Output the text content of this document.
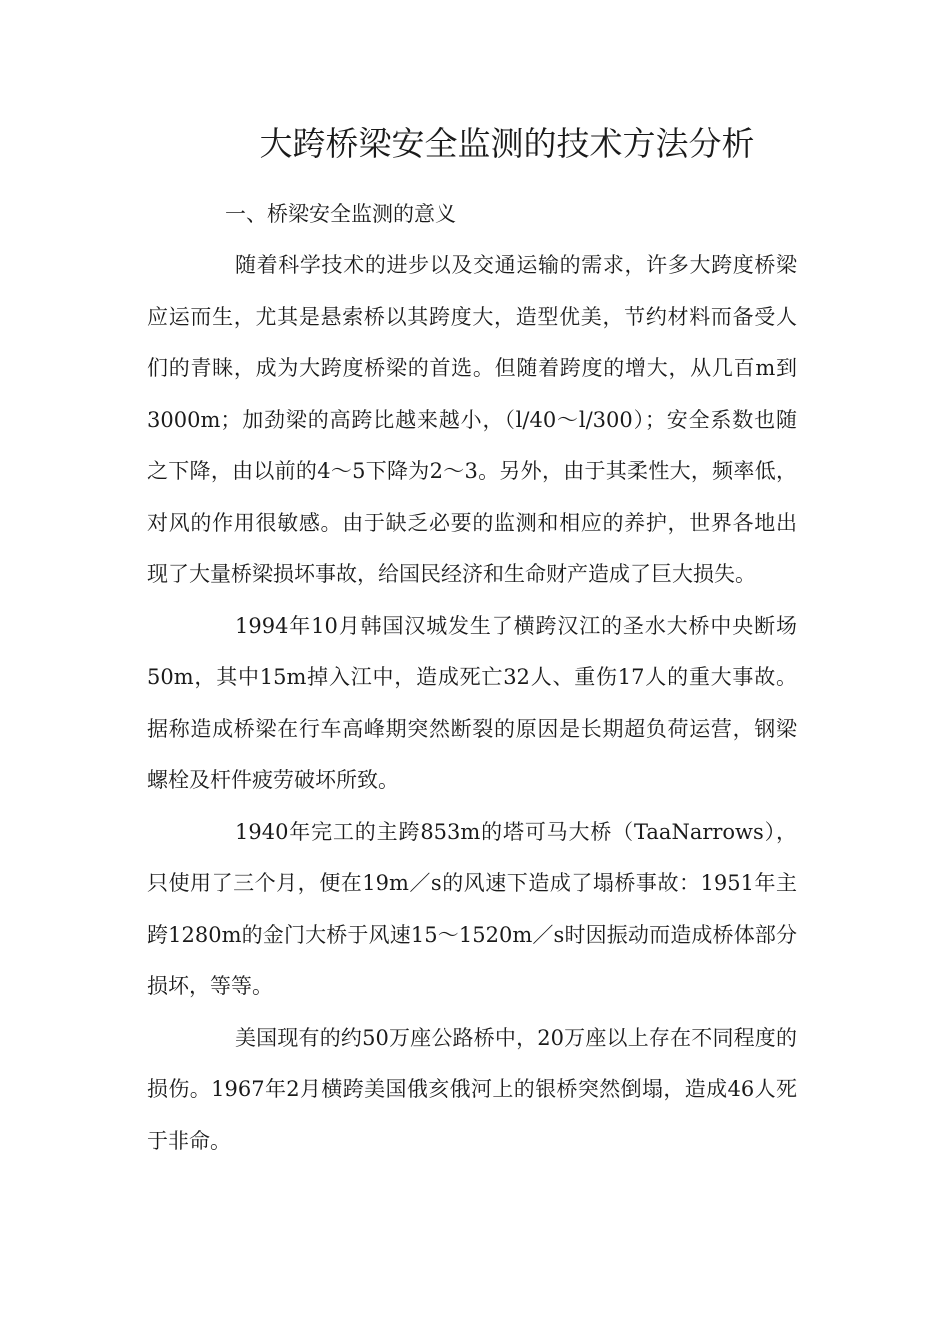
大跨桥梁安全监测的技术方法分析

一、桥梁安全监测的意义

随着科学技术的进步以及交通运输的需求，许多大跨度桥梁应运而生，尤其是悬索桥以其跨度大，造型优美，节约材料而备受人们的青睐，成为大跨度桥梁的首选。但随着跨度的增大，从几百m到3000m；加劲梁的高跨比越来越小，（l/40～l/300）；安全系数也随之下降，由以前的4～5下降为2～3。另外，由于其柔性大，频率低，对风的作用很敏感。由于缺乏必要的监测和相应的养护，世界各地出现了大量桥梁损坏事故，给国民经济和生命财产造成了巨大损失。

1994年10月韩国汉城发生了横跨汉江的圣水大桥中央断场50m，其中15m掉入江中，造成死亡32人、重伤17人的重大事故。据称造成桥梁在行车高峰期突然断裂的原因是长期超负荷运营，钢梁螺栓及杆件疲劳破坏所致。

1940年完工的主跨853m的塔可马大桥（TaaNarrows），只使用了三个月，便在19m／s的风速下造成了塌桥事故：1951年主跨1280m的金门大桥于风速15～1520m／s时因振动而造成桥体部分损坏，等等。

美国现有的约50万座公路桥中，20万座以上存在不同程度的损伤。1967年2月横跨美国俄亥俄河上的银桥突然倒塌，造成46人死于非命。
